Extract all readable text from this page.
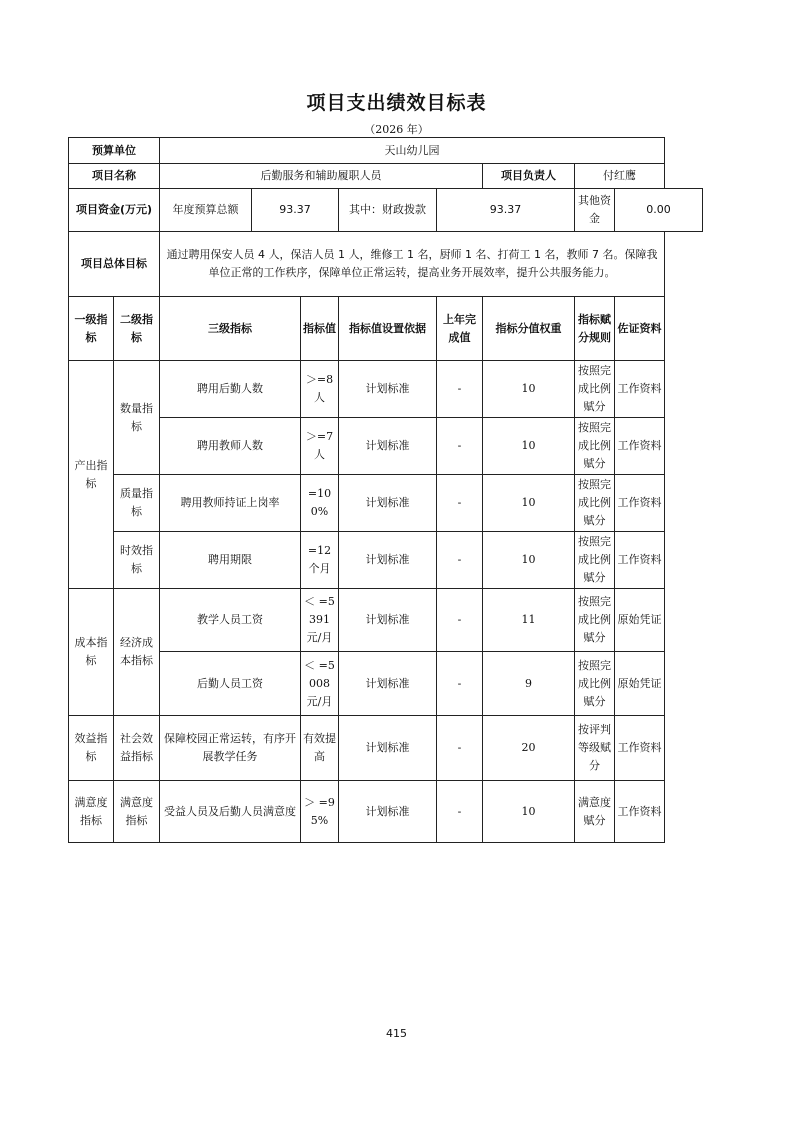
项目支出绩效目标表
（2026 年）
预算单位		天山幼儿园							
项目名称		后勤服务和辅助履职人员					项目负责人	付红鹰	
项目资金(万元)		年度预算总额	93.37		其中：财政拨款	93.37		其他资金	0.00
项目总体目标		通过聘用保安人员 4 人，保洁人员 1 人，维修工 1 名，厨师 1 名、打荷工 1 名，教师 7 名。保障我单位正常的工作秩序，保障单位正常运转，提高业务开展效率，提升公共服务能力。							
一级指标	二级指标	三级指标		指标值	指标值设置依据	上年完成值	指标分值权重	指标赋分规则	佐证资料
产出指标	数量指标	聘用后勤人数		＞=8 人	计划标准	-	10	按照完成比例赋分	工作资料
		聘用教师人数		＞=7 人	计划标准	-	10	按照完成比例赋分	工作资料
	质量指标	聘用教师持证上岗率		=100%	计划标准	-	10	按照完成比例赋分	工作资料
	时效指标	聘用期限		=12 个月	计划标准	-	10	按照完成比例赋分	工作资料
成本指标	经济成本指标	教学人员工资		＜ =5391 元/月	计划标准	-	11	按照完成比例赋分	原始凭证
		后勤人员工资		＜ =5008 元/月	计划标准	-	9	按照完成比例赋分	原始凭证
效益指标	社会效益指标	保障校园正常运转，有序开展教学任务		有效提高	计划标准	-	20	按评判等级赋分	工作资料
满意度指标	满意度指标	受益人员及后勤人员满意度		＞ =95%	计划标准	-	10	满意度赋分	工作资料
415
